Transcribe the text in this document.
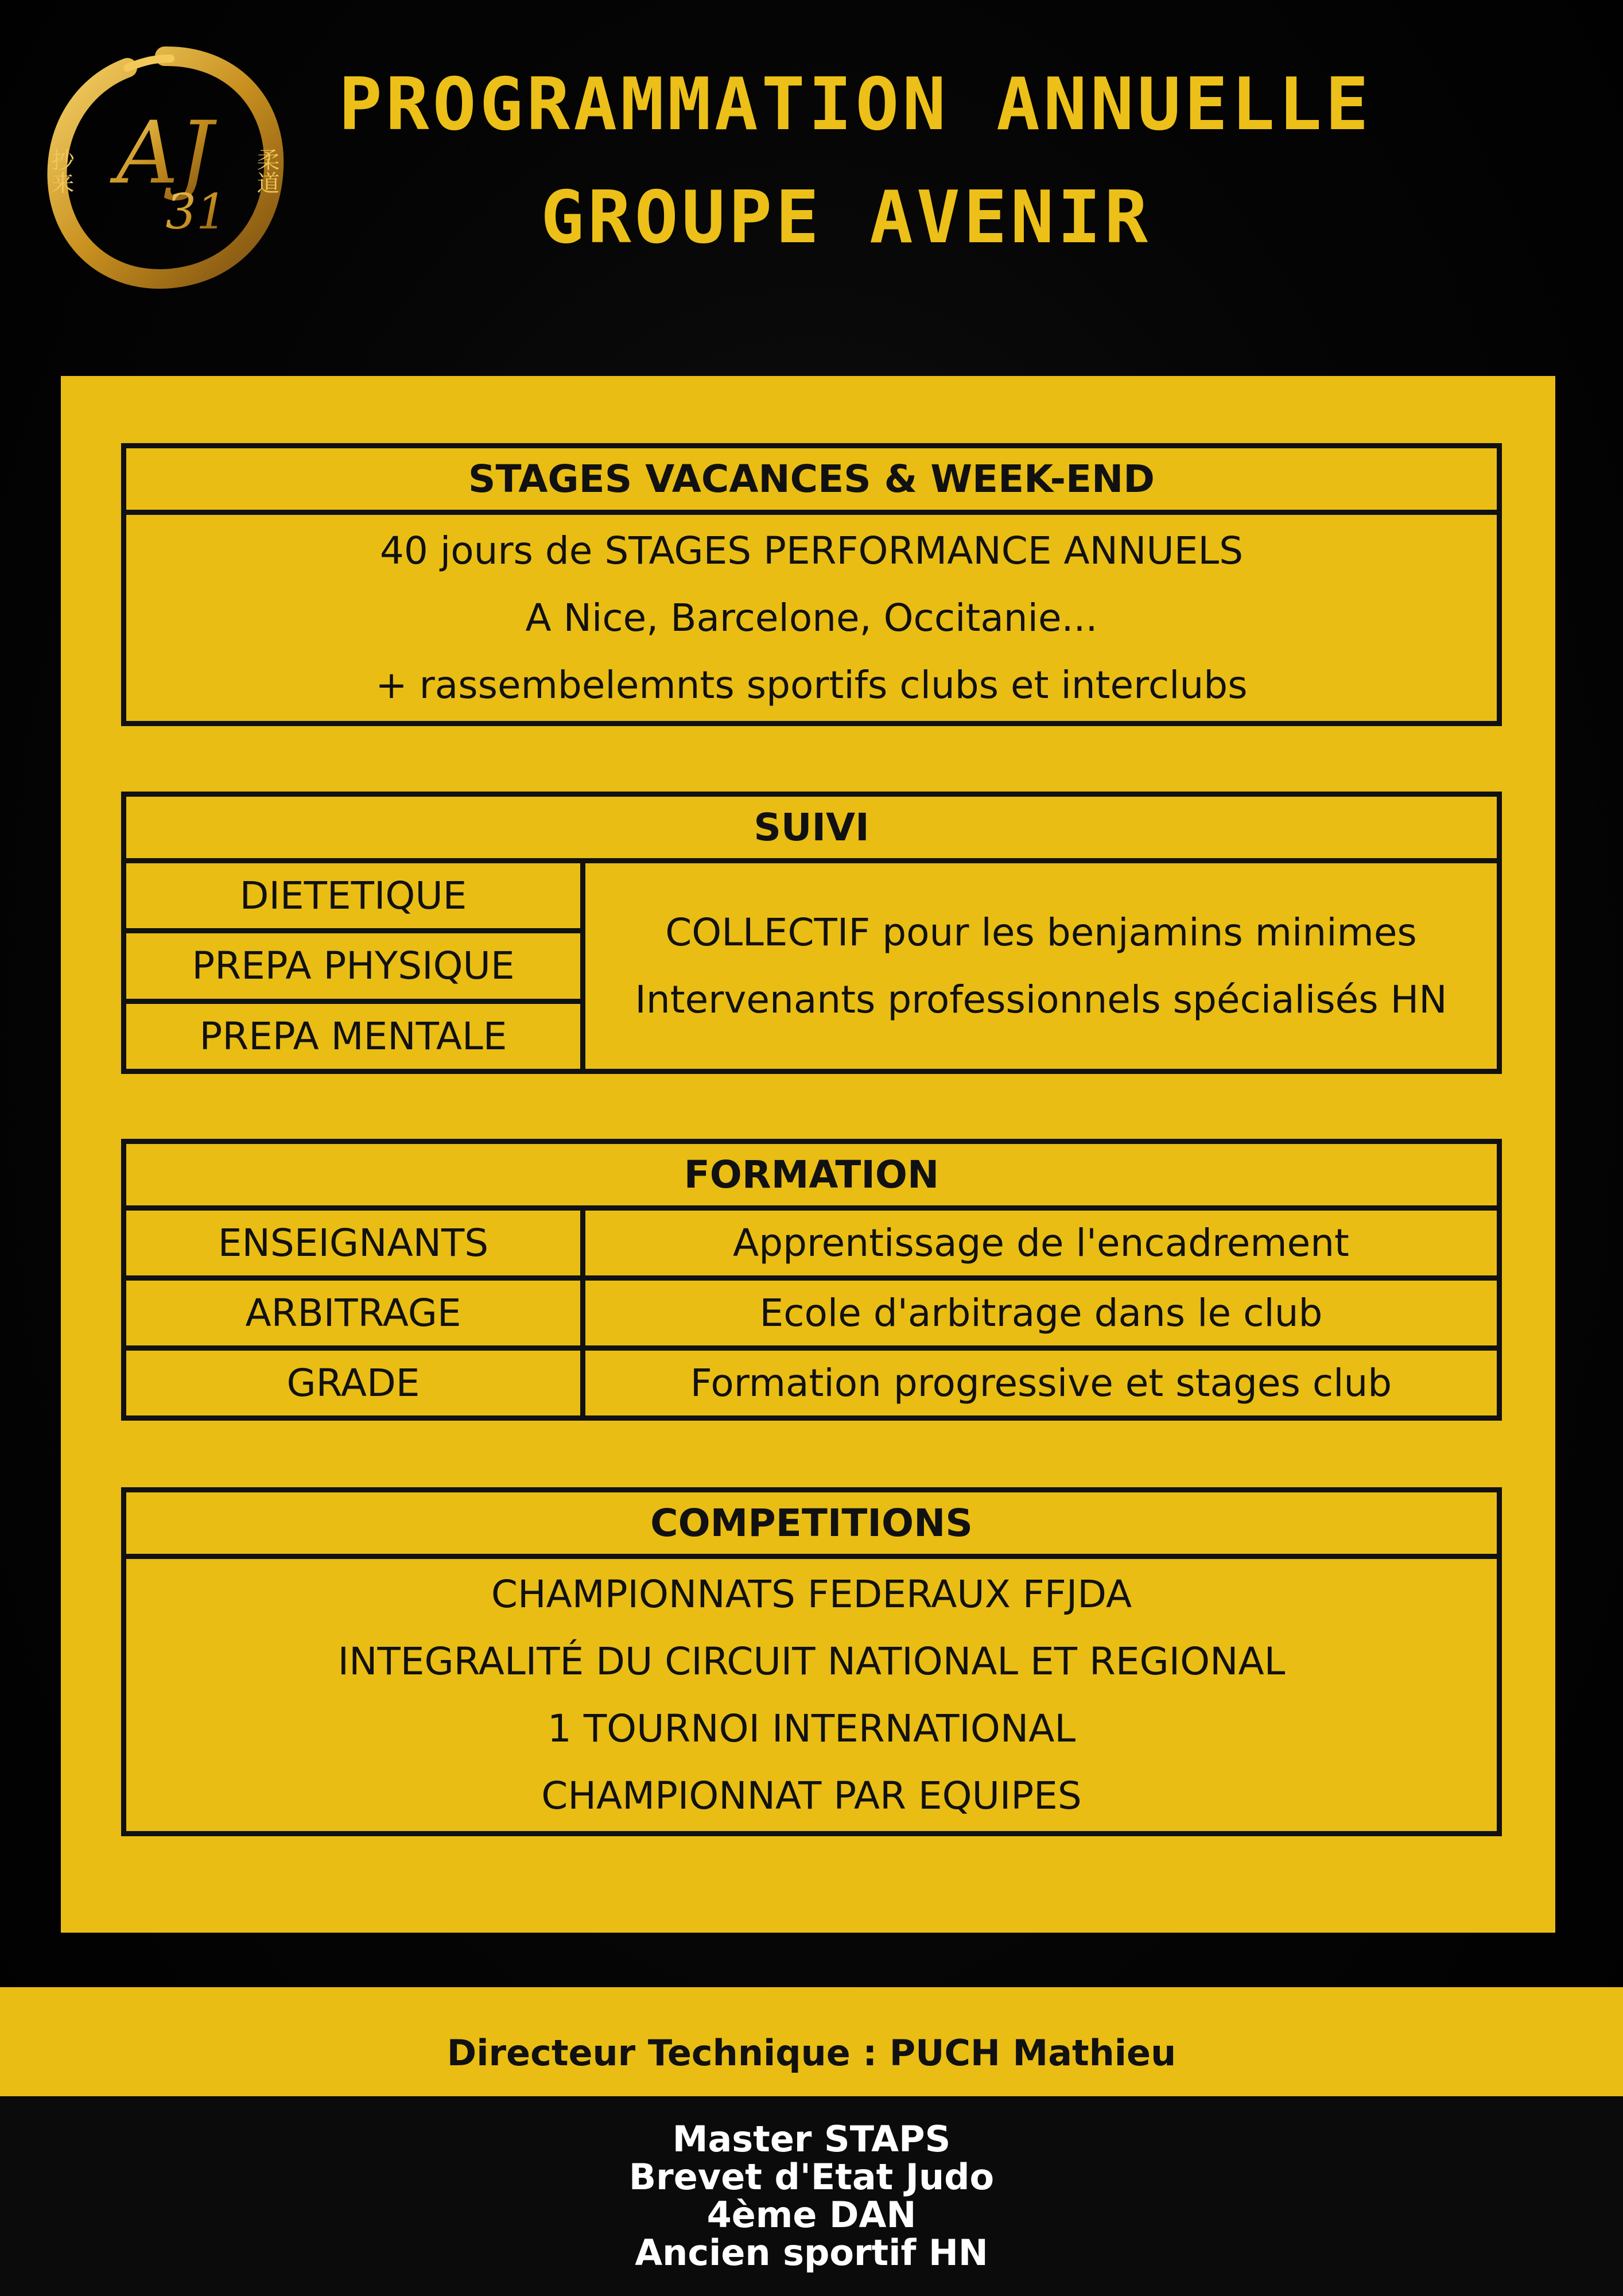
AJ
31
抄来	柔道
PROGRAMMATION ANNUELLE
GROUPE AVENIR
STAGES VACANCES & WEEK-END
40 jours de STAGES PERFORMANCE ANNUELS
A Nice, Barcelone, Occitanie...
+ rassembelemnts sportifs clubs et interclubs
SUIVI
DIETETIQUE
PREPA PHYSIQUE
PREPA MENTALE
COLLECTIF pour les benjamins minimes
Intervenants professionnels spécialisés HN
FORMATION
ENSEIGNANTS
ARBITRAGE
GRADE
Apprentissage de l'encadrement
Ecole d'arbitrage dans le club
Formation progressive et stages club
COMPETITIONS
CHAMPIONNATS FEDERAUX FFJDA
INTEGRALITÉ DU CIRCUIT NATIONAL ET REGIONAL
1 TOURNOI INTERNATIONAL
CHAMPIONNAT PAR EQUIPES
Directeur Technique : PUCH Mathieu
Master STAPS
Brevet d'Etat Judo
4ème DAN
Ancien sportif HN
